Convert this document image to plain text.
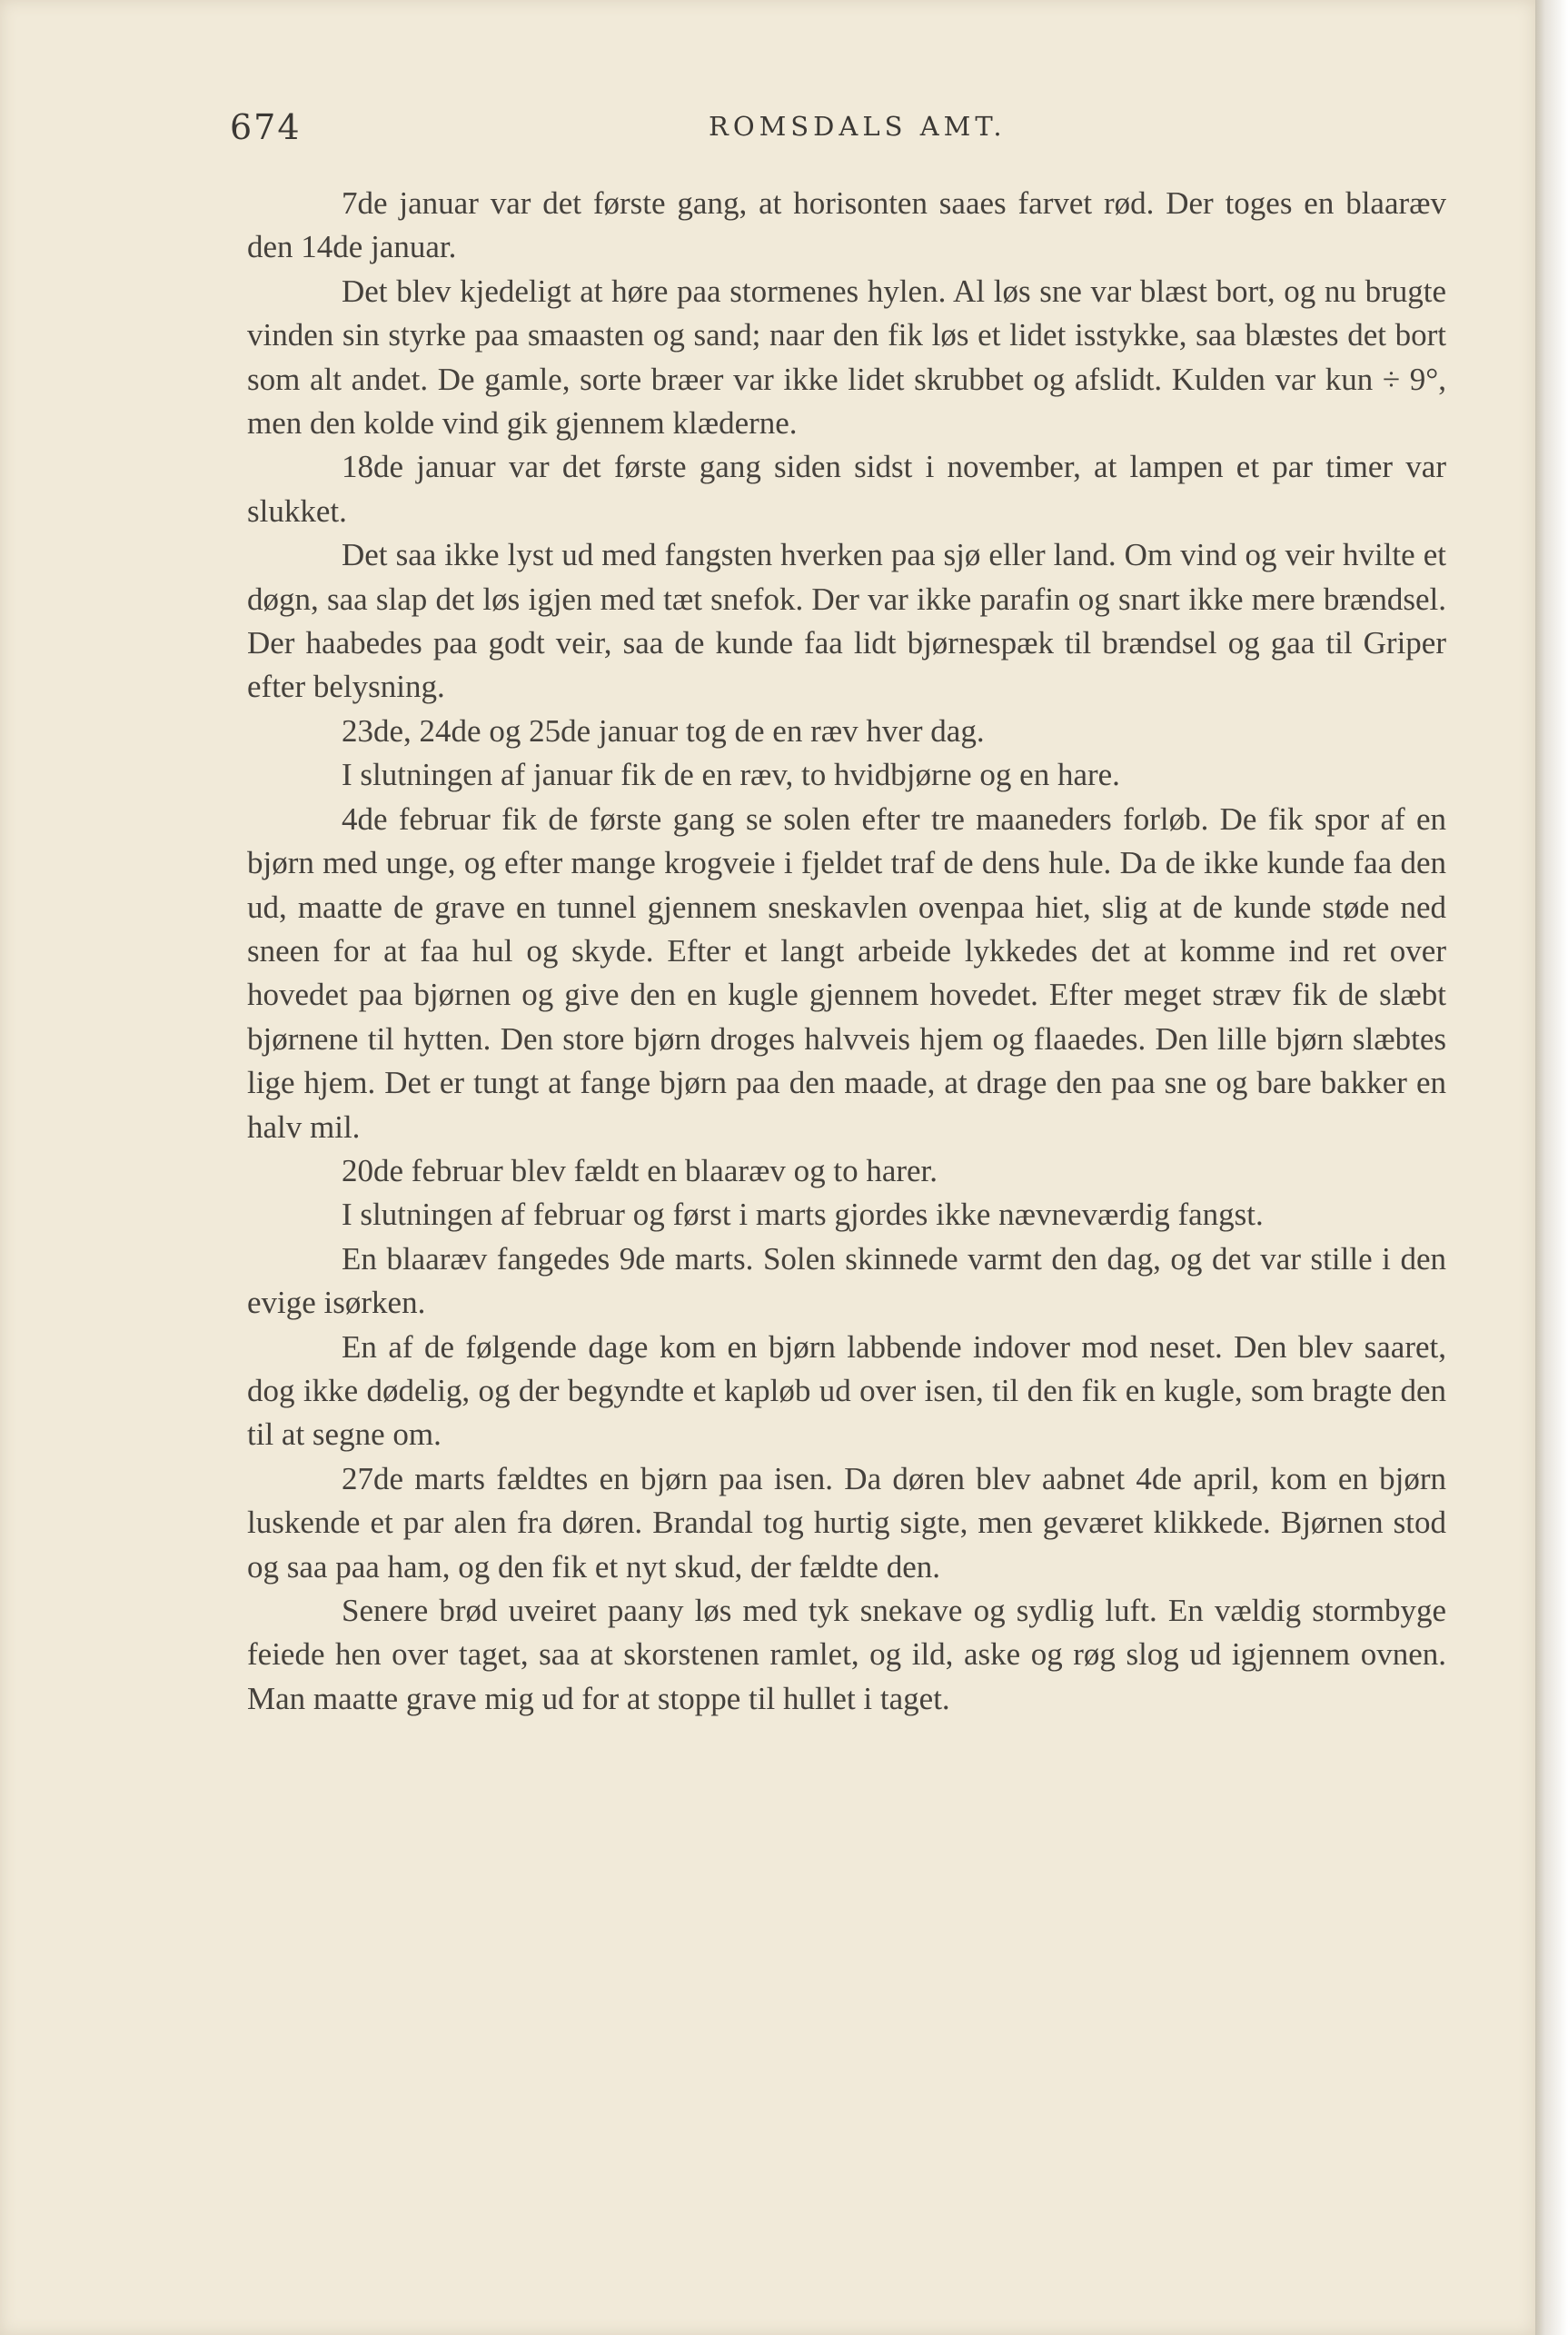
674	ROMSDALS AMT.

7de januar var det første gang, at horisonten saaes farvet rød. Der toges en blaaræv den 14de januar.

Det blev kjedeligt at høre paa stormenes hylen. Al løs sne var blæst bort, og nu brugte vinden sin styrke paa smaasten og sand; naar den fik løs et lidet isstykke, saa blæstes det bort som alt andet. De gamle, sorte bræer var ikke lidet skrubbet og afslidt. Kulden var kun ÷ 9°, men den kolde vind gik gjennem klæderne.

18de januar var det første gang siden sidst i november, at lampen et par timer var slukket.

Det saa ikke lyst ud med fangsten hverken paa sjø eller land. Om vind og veir hvilte et døgn, saa slap det løs igjen med tæt snefok. Der var ikke parafin og snart ikke mere brændsel. Der haabedes paa godt veir, saa de kunde faa lidt bjørnespæk til brændsel og gaa til Griper efter belysning.

23de, 24de og 25de januar tog de en ræv hver dag.

I slutningen af januar fik de en ræv, to hvidbjørne og en hare.

4de februar fik de første gang se solen efter tre maaneders forløb. De fik spor af en bjørn med unge, og efter mange krogveie i fjeldet traf de dens hule. Da de ikke kunde faa den ud, maatte de grave en tunnel gjennem sneskavlen ovenpaa hiet, slig at de kunde støde ned sneen for at faa hul og skyde. Efter et langt arbeide lykkedes det at komme ind ret over hovedet paa bjørnen og give den en kugle gjennem hovedet. Efter meget stræv fik de slæbt bjørnene til hytten. Den store bjørn droges halvveis hjem og flaaedes. Den lille bjørn slæbtes lige hjem. Det er tungt at fange bjørn paa den maade, at drage den paa sne og bare bakker en halv mil.

20de februar blev fældt en blaaræv og to harer.

I slutningen af februar og først i marts gjordes ikke nævneværdig fangst.

En blaaræv fangedes 9de marts. Solen skinnede varmt den dag, og det var stille i den evige isørken.

En af de følgende dage kom en bjørn labbende indover mod neset. Den blev saaret, dog ikke dødelig, og der begyndte et kapløb ud over isen, til den fik en kugle, som bragte den til at segne om.

27de marts fældtes en bjørn paa isen. Da døren blev aabnet 4de april, kom en bjørn luskende et par alen fra døren. Brandal tog hurtig sigte, men geværet klikkede. Bjørnen stod og saa paa ham, og den fik et nyt skud, der fældte den.

Senere brød uveiret paany løs med tyk snekave og sydlig luft. En vældig stormbyge feiede hen over taget, saa at skorstenen ramlet, og ild, aske og røg slog ud igjennem ovnen. Man maatte grave mig ud for at stoppe til hullet i taget.
